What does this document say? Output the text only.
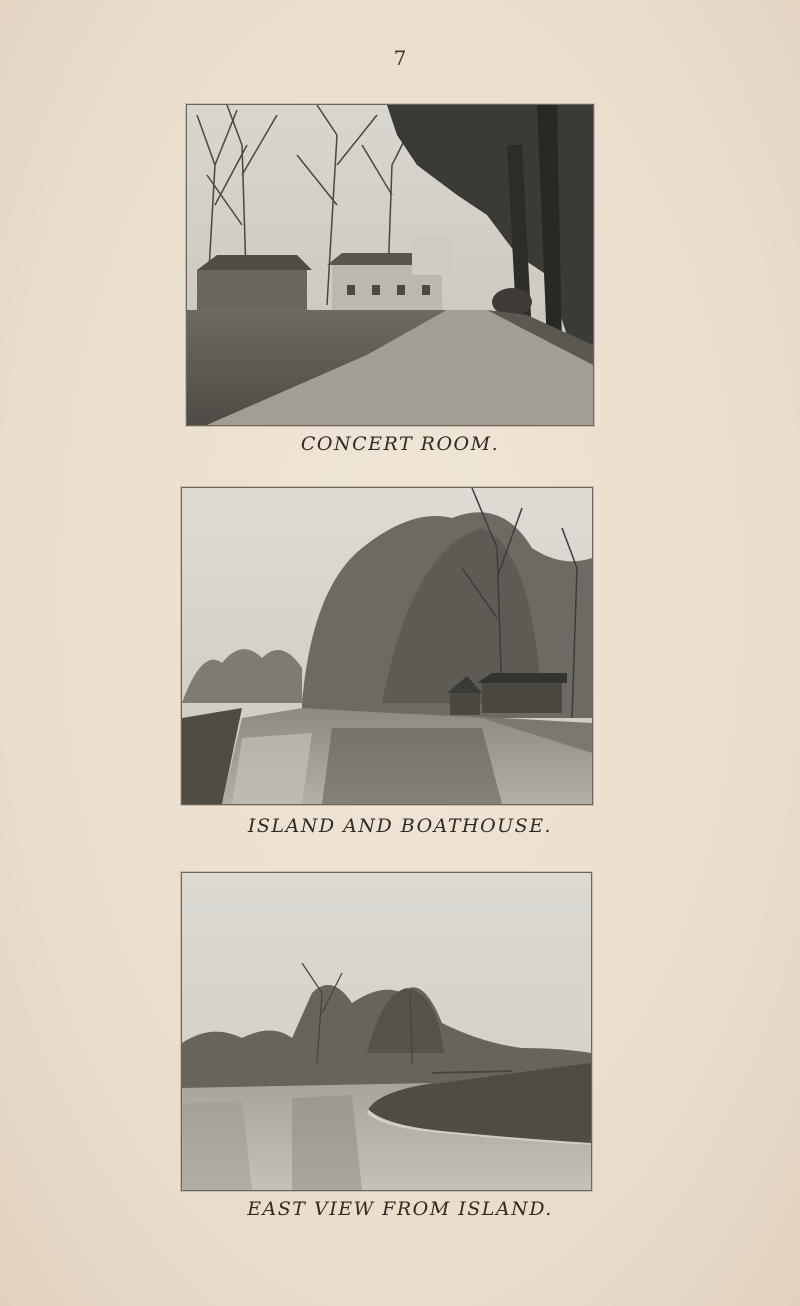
7
CONCERT ROOM.
ISLAND AND BOATHOUSE.
EAST VIEW FROM ISLAND.
